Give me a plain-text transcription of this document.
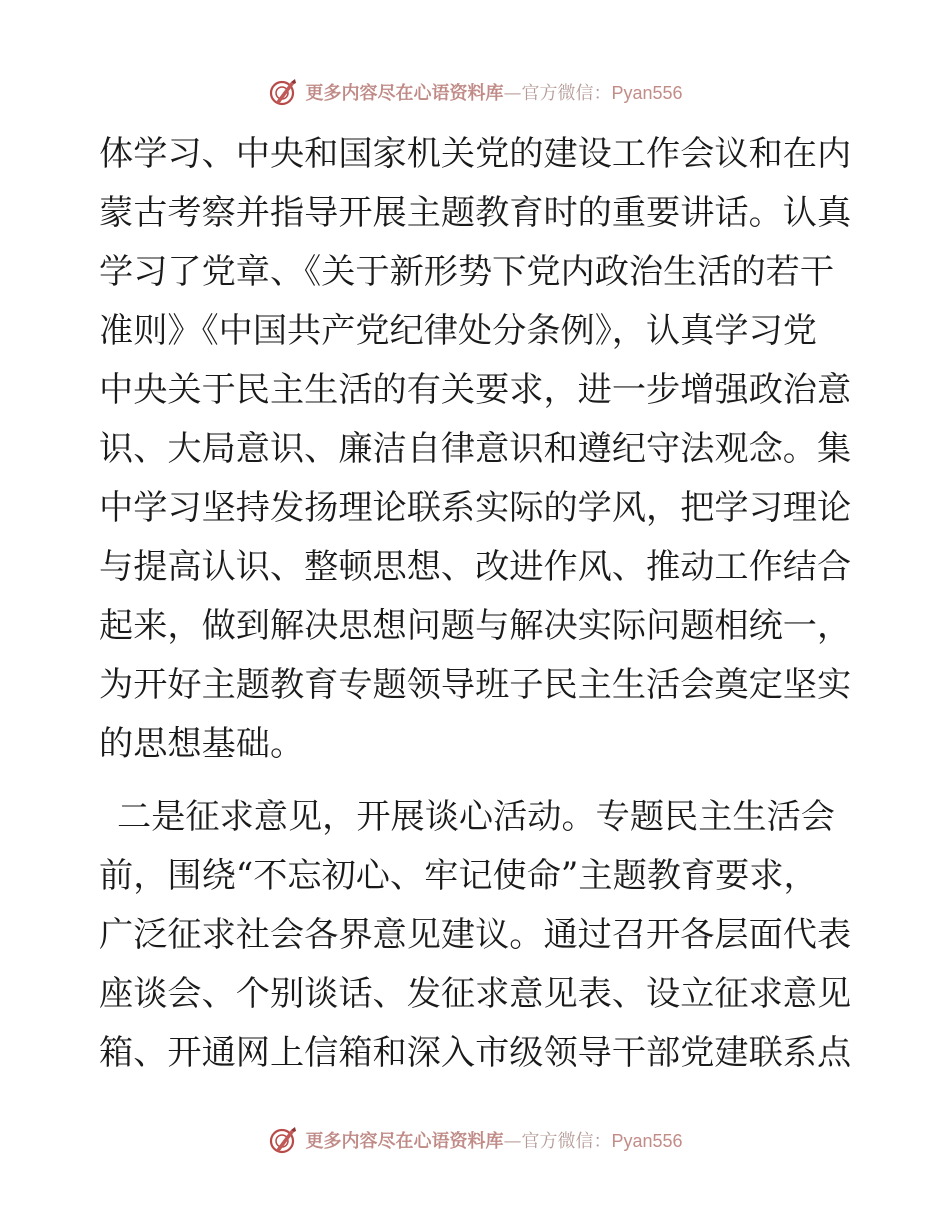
更多内容尽在心语资料库—官方微信：Pyan556

体学习、中央和国家机关党的建设工作会议和在内
蒙古考察并指导开展主题教育时的重要讲话。认真
学习了党章、《关于新形势下党内政治生活的若干
准则》《中国共产党纪律处分条例》，认真学习党
中央关于民主生活的有关要求，进一步增强政治意
识、大局意识、廉洁自律意识和遵纪守法观念。集
中学习坚持发扬理论联系实际的学风，把学习理论
与提高认识、整顿思想、改进作风、推动工作结合
起来，做到解决思想问题与解决实际问题相统一，
为开好主题教育专题领导班子民主生活会奠定坚实
的思想基础。

二是征求意见，开展谈心活动。专题民主生活会
前，围绕“不忘初心、牢记使命”主题教育要求，
广泛征求社会各界意见建议。通过召开各层面代表
座谈会、个别谈话、发征求意见表、设立征求意见
箱、开通网上信箱和深入市级领导干部党建联系点

更多内容尽在心语资料库—官方微信：Pyan556
